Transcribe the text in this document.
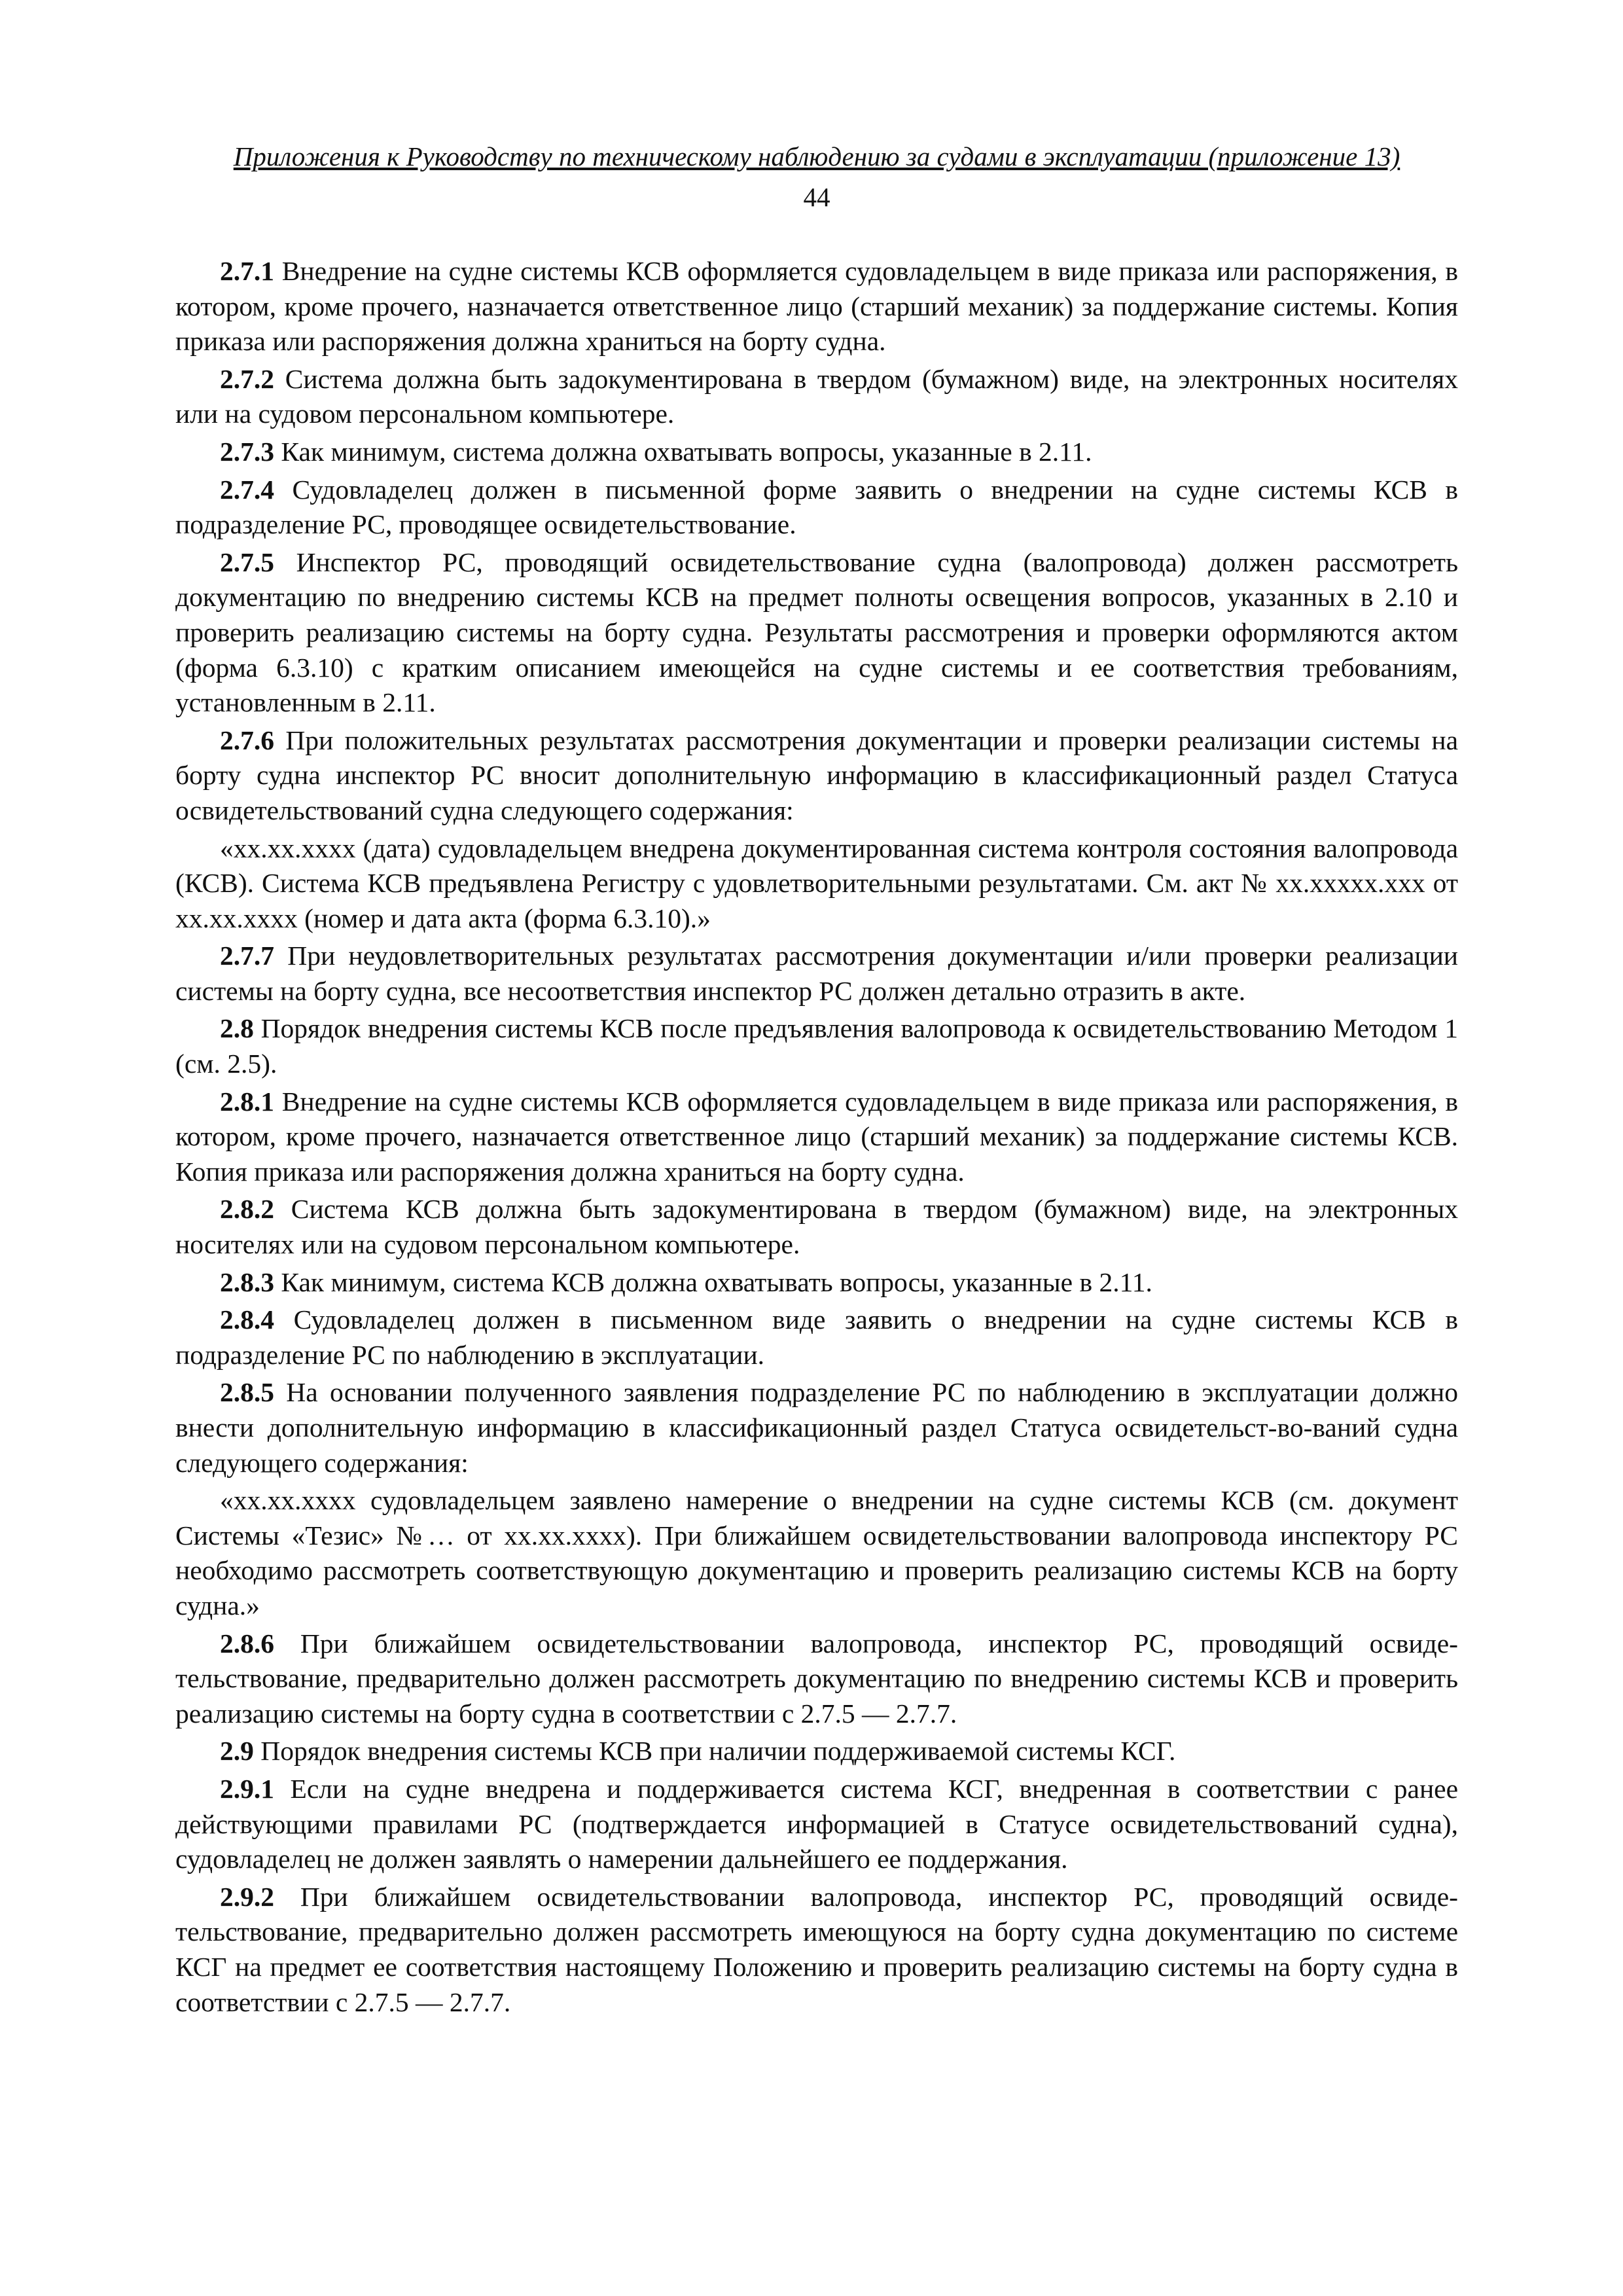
Приложения к Руководству по техническому наблюдению за судами в эксплуатации (приложение 13)
44

2.7.1 Внедрение на судне системы КСВ оформляется судовладельцем в виде приказа или распоряжения, в котором, кроме прочего, назначается ответственное лицо (старший механик) за поддержание системы. Копия приказа или распоряжения должна храниться на борту судна.

2.7.2 Система должна быть задокументирована в твердом (бумажном) виде, на электронных носителях или на судовом персональном компьютере.

2.7.3 Как минимум, система должна охватывать вопросы, указанные в 2.11.

2.7.4 Судовладелец должен в письменной форме заявить о внедрении на судне системы КСВ в подразделение РС, проводящее освидетельствование.

2.7.5 Инспектор РС, проводящий освидетельствование судна (валопровода) должен рассмотреть документацию по внедрению системы КСВ на предмет полноты освещения вопросов, указанных в 2.10 и проверить реализацию системы на борту судна. Результаты рассмотрения и проверки оформляются актом (форма 6.3.10) с кратким описанием имеющейся на судне системы и ее соответствия требованиям, установленным в 2.11.

2.7.6 При положительных результатах рассмотрения документации и проверки реализации системы на борту судна инспектор РС вносит дополнительную информацию в классификационный раздел Статуса освидетельствований судна следующего содержания:

«xx.xx.xxxx (дата) судовладельцем внедрена документированная система контроля состояния валопровода (КСВ). Система КСВ предъявлена Регистру с удовлетворительными результатами. См. акт № xx.xxxxx.xxx от xx.xx.xxxx (номер и дата акта (форма 6.3.10).»

2.7.7 При неудовлетворительных результатах рассмотрения документации и/или проверки реализации системы на борту судна, все несоответствия инспектор РС должен детально отразить в акте.

2.8 Порядок внедрения системы КСВ после предъявления валопровода к освидетельствованию Методом 1 (см. 2.5).

2.8.1 Внедрение на судне системы КСВ оформляется судовладельцем в виде приказа или распоряжения, в котором, кроме прочего, назначается ответственное лицо (старший механик) за поддержание системы КСВ. Копия приказа или распоряжения должна храниться на борту судна.

2.8.2 Система КСВ должна быть задокументирована в твердом (бумажном) виде, на электронных носителях или на судовом персональном компьютере.

2.8.3 Как минимум, система КСВ должна охватывать вопросы, указанные в 2.11.

2.8.4 Судовладелец должен в письменном виде заявить о внедрении на судне системы КСВ в подразделение РС по наблюдению в эксплуатации.

2.8.5 На основании полученного заявления подразделение РС по наблюдению в эксплуатации должно внести дополнительную информацию в классификационный раздел Статуса освидетельст-во-ваний судна следующего содержания:

«xx.xx.xxxx судовладельцем заявлено намерение о внедрении на судне системы КСВ (см. документ Системы «Тезис» №… от xx.xx.xxxx). При ближайшем освидетельствовании валопровода инспектору РС необходимо рассмотреть соответствующую документацию и проверить реализацию системы КСВ на борту судна.»

2.8.6 При ближайшем освидетельствовании валопровода, инспектор РС, проводящий освиде-тельствование, предварительно должен рассмотреть документацию по внедрению системы КСВ и проверить реализацию системы на борту судна в соответствии с 2.7.5 — 2.7.7.

2.9 Порядок внедрения системы КСВ при наличии поддерживаемой системы КСГ.

2.9.1 Если на судне внедрена и поддерживается система КСГ, внедренная в соответствии с ранее действующими правилами РС (подтверждается информацией в Статусе освидетельствований судна), судовладелец не должен заявлять о намерении дальнейшего ее поддержания.

2.9.2 При ближайшем освидетельствовании валопровода, инспектор РС, проводящий освиде-тельствование, предварительно должен рассмотреть имеющуюся на борту судна документацию по системе КСГ на предмет ее соответствия настоящему Положению и проверить реализацию системы на борту судна в соответствии с 2.7.5 — 2.7.7.
